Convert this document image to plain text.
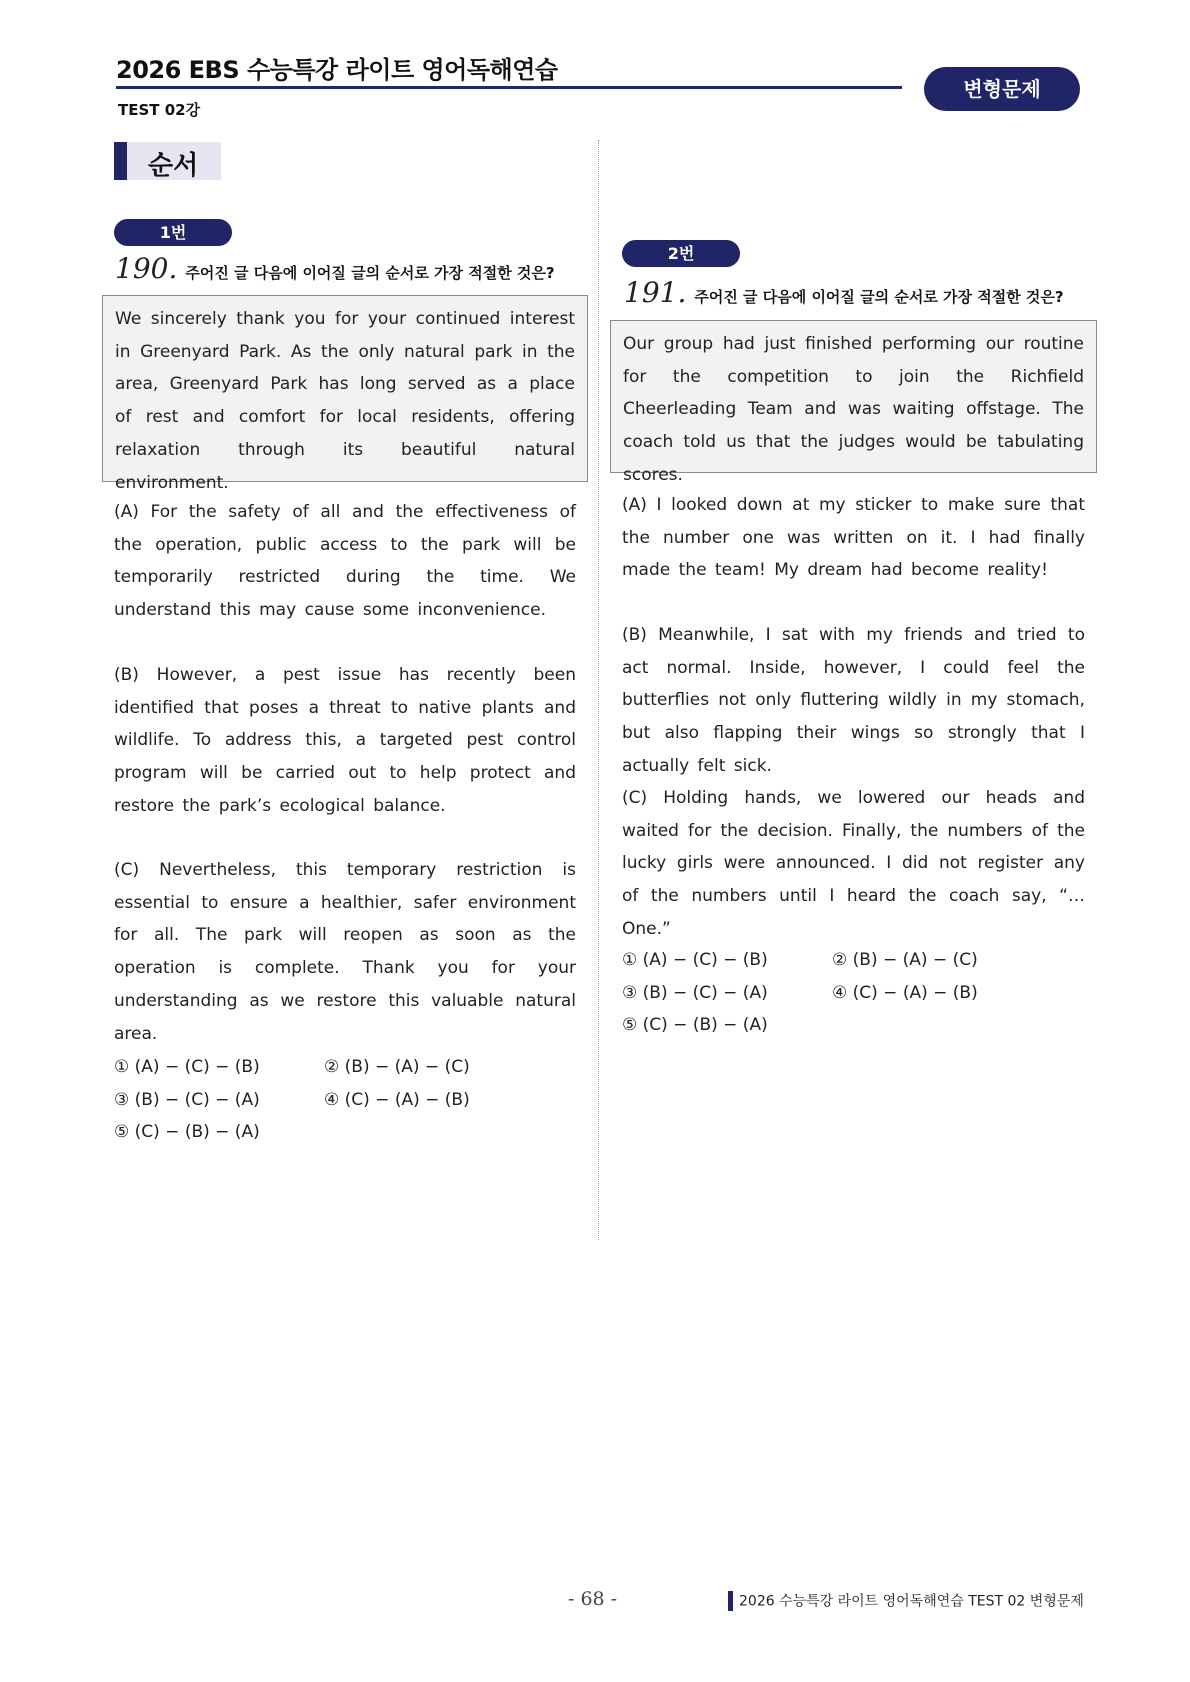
2026 EBS 수능특강 라이트 영어독해연습
TEST 02강
변형문제
순서
1번
190. 주어진 글 다음에 이어질 글의 순서로 가장 적절한 것은?

We sincerely thank you for your continued interest in Greenyard Park. As the only natural park in the area, Greenyard Park has long served as a place of rest and comfort for local residents, offering relaxation through its beautiful natural environment.

(A) For the safety of all and the effectiveness of the operation, public access to the park will be temporarily restricted during the time. We understand this may cause some inconvenience.

(B) However, a pest issue has recently been identified that poses a threat to native plants and wildlife. To address this, a targeted pest control program will be carried out to help protect and restore the park’s ecological balance.

(C) Nevertheless, this temporary restriction is essential to ensure a healthier, safer environment for all. The park will reopen as soon as the operation is complete. Thank you for your understanding as we restore this valuable natural area.

① (A) − (C) − (B)	② (B) − (A) − (C)
③ (B) − (C) − (A)	④ (C) − (A) − (B)
⑤ (C) − (B) − (A)
2번
191. 주어진 글 다음에 이어질 글의 순서로 가장 적절한 것은?

Our group had just finished performing our routine for the competition to join the Richfield Cheerleading Team and was waiting offstage. The coach told us that the judges would be tabulating scores.

(A) I looked down at my sticker to make sure that the number one was written on it. I had finally made the team! My dream had become reality!

(B) Meanwhile, I sat with my friends and tried to act normal. Inside, however, I could feel the butterflies not only fluttering wildly in my stomach, but also flapping their wings so strongly that I actually felt sick.

(C) Holding hands, we lowered our heads and waited for the decision. Finally, the numbers of the lucky girls were announced. I did not register any of the numbers until I heard the coach say, “…One.”

① (A) − (C) − (B)	② (B) − (A) − (C)
③ (B) − (C) − (A)	④ (C) − (A) − (B)
⑤ (C) − (B) − (A)
- 68 -	2026 수능특강 라이트 영어독해연습 TEST 02 변형문제
